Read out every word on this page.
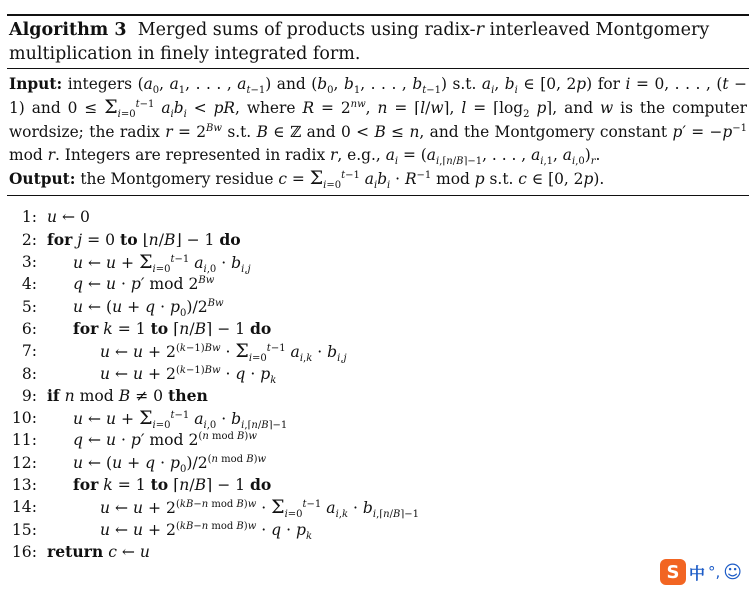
Algorithm 3 Merged sums of products using radix-r interleaved Montgomery
multiplication in finely integrated form.
Input: integers ($a_0$, $a_1$, . . . , $a_{t-1}$) and ($b_0$, $b_1$, . . . , $b_{t-1}$) s.t. $a_i$, $b_i$ ∈ [0, 2p) for i = 0, . . . , (t − 1) and $0 \le \Sigma_{i=0}^{t-1}$ $a_ib_i$ < pR, where $R = 2^{nw}$, n = ⌈l/w⌉, $l = ⌈\log_2$ p⌉, and w is the computer wordsize; the radix $r = 2^{Bw}$ s.t. B ∈ ℤ and 0 < B ≤ n, and the Montgomery constant $p' = -p^{-1}$ mod r. Integers are represented in radix r, e.g., $a_i = (a_{i,⌈n/B⌉-1}$, . . . , $a_{i,1}$, $a_{i,0})_r$.
Output: the Montgomery residue $c = \Sigma_{i=0}^{t-1}$ $a_ib_i \cdot R^{-1}$ mod p s.t. c ∈ [0, 2p).
1: u ← 0
2: for j = 0 to ⌊n/B⌋ − 1 do
3: u ← $u + \Sigma_{i=0}^{t-1}$ $a_{i,0} \cdot b_{i,j}$
4: q ← u · p′ mod $2^{Bw}$
5: u ← $(u + q \cdot p_0)/2^{Bw}$
6: for k = 1 to ⌈n/B⌉ − 1 do
7:	u ← $u + 2^{(k-1)Bw} \cdot \Sigma_{i=0}^{t-1}$ $a_{i,k} \cdot b_{i,j}$
8:	u ← $u + 2^{(k-1)Bw} \cdot q \cdot p_k$
9: if n mod B ≠ 0 then
10: u ← $u + \Sigma_{i=0}^{t-1}$ $a_{i,0} \cdot b_{i,⌈n/B⌉-1}$
11: q ← u · p′ mod $2^{(n mod B)w}$
12: u ← $(u + q \cdot p_0)/2^{(n mod B)w}$
13: for k = 1 to ⌈n/B⌉ − 1 do
14:	u ← $u + 2^{(kB-n mod B)w} \cdot \Sigma_{i=0}^{t-1}$ $a_{i,k} \cdot b_{i,⌈n/B⌉-1}$
15:	u ← $u + 2^{(kB-n mod B)w} \cdot q \cdot p_k$
16: return c ← u
S 中 °, ☺
